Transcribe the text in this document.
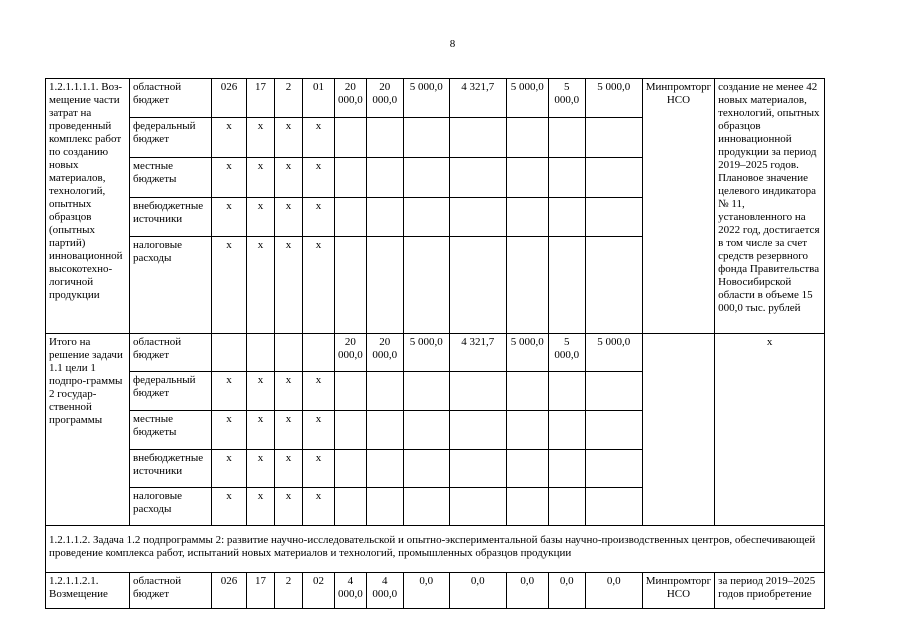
8
1.2.1.1.1.1. Воз-мещение части затрат на проведенный комплекс работ по созданию новых материалов, технологий, опытных образцов (опытных партий) инновационной высокотехно-логичной продукции	областной бюджет	026	17	2	01	20 000,0	20 000,0	5 000,0	4 321,7	5 000,0	5 000,0	5 000,0	Минпромторг НСО	создание не менее 42 новых материалов, технологий, опытных образцов инновационной продукции за период 2019–2025 годов. Плановое значение целевого индикатора № 11, установленного на 2022 год, достигается в том числе за счет средств резервного фонда Правительства Новосибирской области в объеме 15 000,0 тыс. рублей
	федеральный бюджет	x	x	x	x									
	местные бюджеты	x	x	x	x									
	внебюджетные источники	x	x	x	x									
	налоговые расходы	x	x	x	x									
Итого на решение задачи 1.1 цели 1 подпро-граммы 2 государ-ственной программы	областной бюджет					20 000,0	20 000,0	5 000,0	4 321,7	5 000,0	5 000,0	5 000,0		x
	федеральный бюджет	x	x	x	x									
	местные бюджеты	x	x	x	x									
	внебюджетные источники	x	x	x	x									
	налоговые расходы	x	x	x	x									
1.2.1.1.2. Задача 1.2 подпрограммы 2: развитие научно-исследовательской и опытно-экспериментальной базы научно-производственных центров, обеспечивающей проведение комплекса работ, испытаний новых материалов и технологий, промышленных образцов продукции														
1.2.1.1.2.1. Возмещение	областной бюджет	026	17	2	02	4 000,0	4 000,0	0,0	0,0	0,0	0,0	0,0	Минпромторг НСО	за период 2019–2025 годов приобретение
